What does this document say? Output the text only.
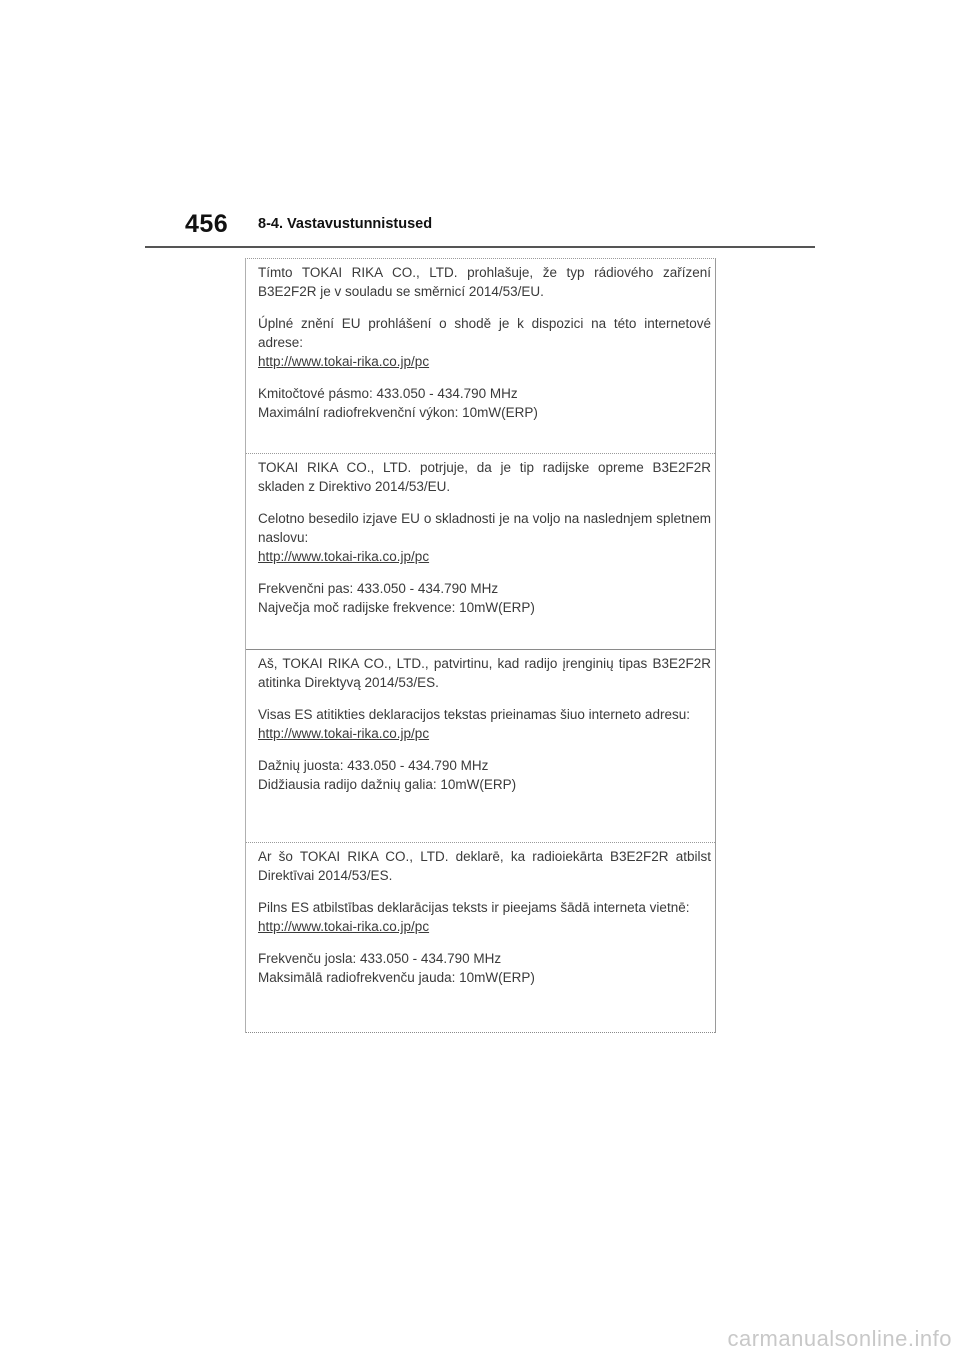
456 8-4. Vastavustunnistused

Tímto TOKAI RIKA CO., LTD. prohlašuje, že typ rádiového zařízení B3E2F2R je v souladu se směrnicí 2014/53/EU.

Úplné znění EU prohlášení o shodě je k dispozici na této internetové adrese:

http://www.tokai-rika.co.jp/pc
Kmitočtové pásmo: 433.050 - 434.790 MHz
Maximální radiofrekvenční výkon: 10mW(ERP)

TOKAI RIKA CO., LTD. potrjuje, da je tip radijske opreme B3E2F2R skladen z Direktivo 2014/53/EU.

Celotno besedilo izjave EU o skladnosti je na voljo na naslednjem spletnem naslovu:

http://www.tokai-rika.co.jp/pc
Frekvenčni pas: 433.050 - 434.790 MHz
Največja moč radijske frekvence: 10mW(ERP)

Aš, TOKAI RIKA CO., LTD., patvirtinu, kad radijo įrenginių tipas B3E2F2R atitinka Direktyvą 2014/53/ES.

Visas ES atitikties deklaracijos tekstas prieinamas šiuo interneto adresu:

http://www.tokai-rika.co.jp/pc
Dažnių juosta: 433.050 - 434.790 MHz
Didžiausia radijo dažnių galia: 10mW(ERP)

Ar šo TOKAI RIKA CO., LTD. deklarē, ka radioiekārta B3E2F2R atbilst Direktīvai 2014/53/ES.

Pilns ES atbilstības deklarācijas teksts ir pieejams šādā interneta vietnē:

http://www.tokai-rika.co.jp/pc
Frekvenču josla: 433.050 - 434.790 MHz
Maksimālā radiofrekvenču jauda: 10mW(ERP)
carmanualsonline.info
